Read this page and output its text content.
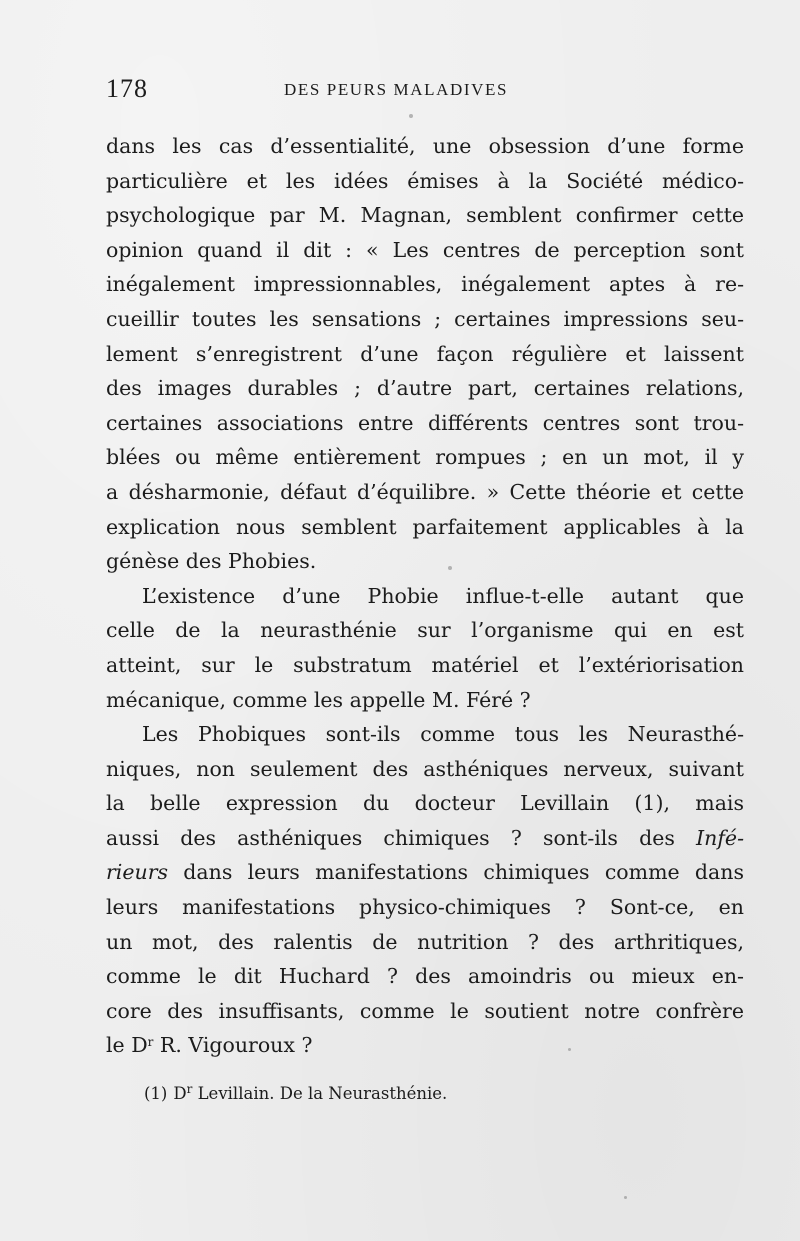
178	DES PEURS MALADIVES
dans les cas d’essentialité, une obsession d’une forme
particulière et les idées émises à la Société médico-
psychologique par M. Magnan, semblent confirmer cette
opinion quand il dit : « Les centres de perception sont
inégalement impressionnables, inégalement aptes à re-
cueillir toutes les sensations ; certaines impressions seu-
lement s’enregistrent d’une façon régulière et laissent
des images durables ; d’autre part, certaines relations,
certaines associations entre différents centres sont trou-
blées ou même entièrement rompues ; en un mot, il y
a désharmonie, défaut d’équilibre. » Cette théorie et cette
explication nous semblent parfaitement applicables à la
génèse des Phobies.
L’existence d’une Phobie influe-t-elle autant que
celle de la neurasthénie sur l’organisme qui en est
atteint, sur le substratum matériel et l’extériorisation
mécanique, comme les appelle M. Féré ?
Les Phobiques sont-ils comme tous les Neurasthé-
niques, non seulement des asthéniques nerveux, suivant
la belle expression du docteur Levillain (1), mais
aussi des asthéniques chimiques ? sont-ils des Infé-
rieurs dans leurs manifestations chimiques comme dans
leurs manifestations physico-chimiques ? Sont-ce, en
un mot, des ralentis de nutrition ? des arthritiques,
comme le dit Huchard ? des amoindris ou mieux en-
core des insuffisants, comme le soutient notre confrère
le $D^r$ R. Vigouroux ?
(1) $D^r$ Levillain. De la Neurasthénie.
